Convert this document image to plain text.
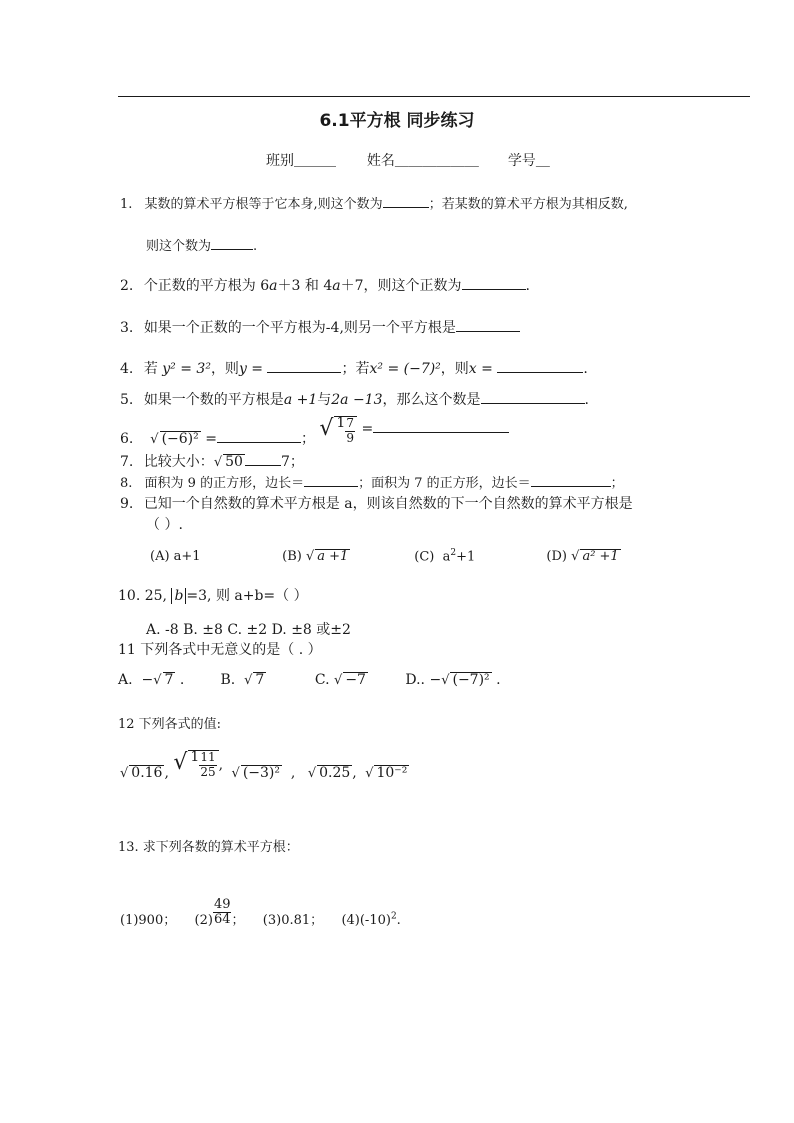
6.1平方根 同步练习
班别＿＿＿ 姓名＿＿＿＿＿＿ 学号＿
1. 某数的算术平方根等于它本身,则这个数为	；若某数的算术平方根为其相反数,
则这个数为	.
2. 个正数的平方根为 6a＋3 和 4a＋7，则这个正数为	.
3. 如果一个正数的一个平方根为-4,则另一个平方根是
4. 若 y² = 3²，则y =	；若x² = (−7)²，则x =	.
5. 如果一个数的平方根是a +1与2a −13，那么这个数是	.
6. √ (−6)² =	； √ $1 \frac{7}{9}$ =
7. 比较大小：√ 50	7；
8. 面积为 9 的正方形，边长＝	；面积为 7 的正方形，边长＝	；
9. 已知一个自然数的算术平方根是 a，则该自然数的下一个自然数的算术平方根是
（ ）.
(A) a+1	(B) √ a +1	(C) $a^2+1$	(D) √ a² +1
10. 25, b =3, 则 a+b=（ ）
A. -8 B. ±8 C. ±2 D. ±8 或±2
11 下列各式中无意义的是（ . ）
A. −√ 7 .	B. √ 7	C. √ −7	D.. −√ (−7)² .
12 下列各式的值:
√ 0.16 , √ $1 \frac{11}{25}$ , √ (−3)²  , √ 0.25 , √ 10⁻²
13. 求下列各数的算术平方根：
(1)900； $(2) \frac{49}{64}$ ； (3)0.81； $(4)(-10)^2$.
